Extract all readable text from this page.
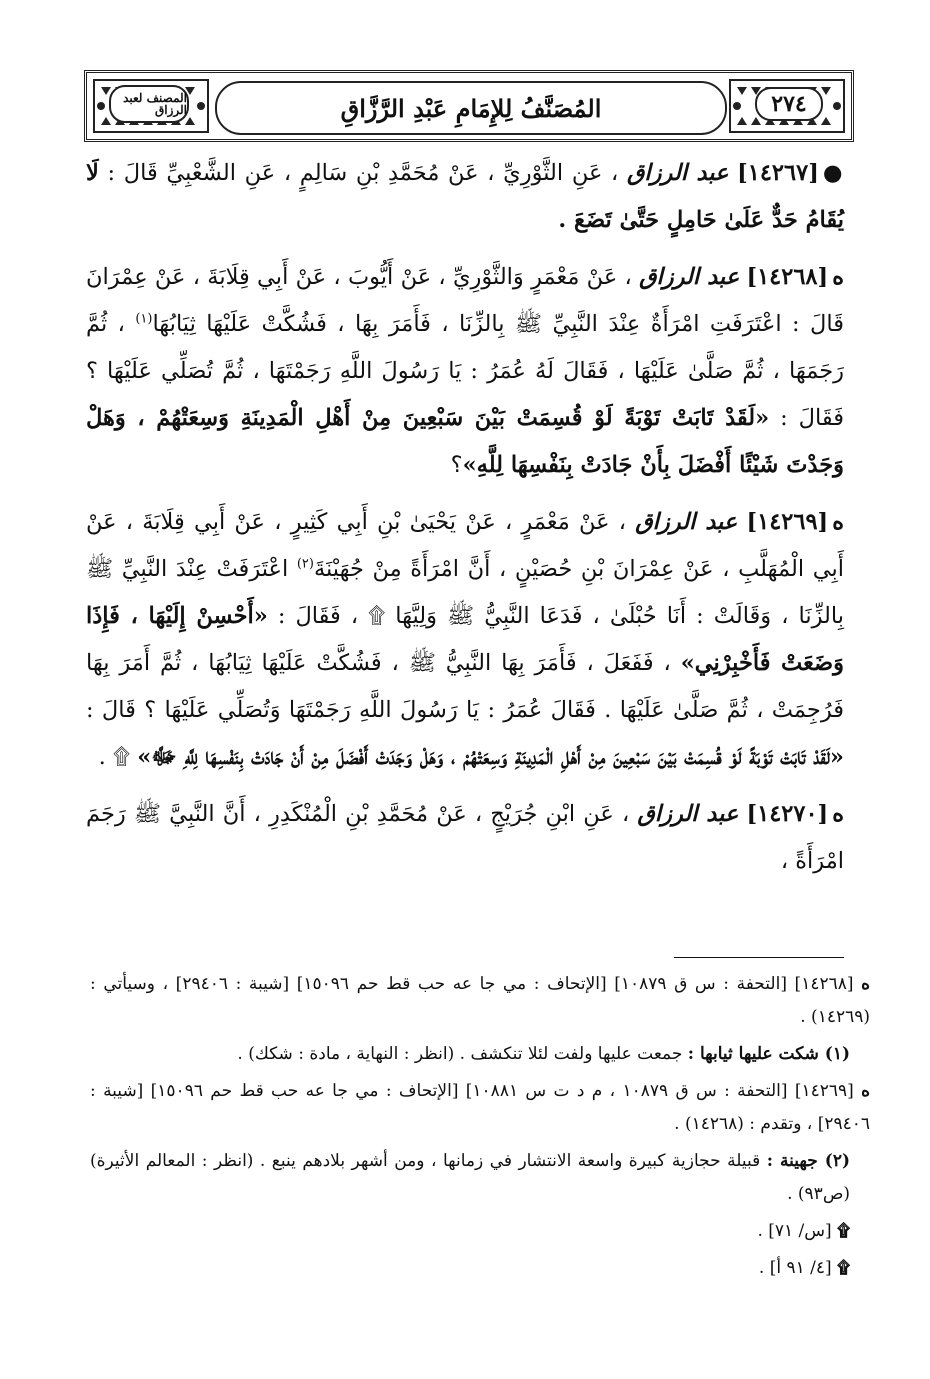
٢٧٤
المصنف لعبد الرزاق	المُصَنَّفُ لِلإِمَامِ عَبْدِ الرَّزَّاقِ

●[١٤٢٦٧] عبد الرزاق ، عَنِ الثَّوْرِيِّ ، عَنْ مُحَمَّدِ بْنِ سَالِمٍ ، عَنِ الشَّعْبِيِّ قَالَ : لَا يُقَامُ حَدٌّ عَلَىٰ حَامِلٍ حَتَّىٰ تَضَعَ .

ه[١٤٢٦٨] عبد الرزاق ، عَنْ مَعْمَرٍ وَالثَّوْرِيِّ ، عَنْ أَيُّوبَ ، عَنْ أَبِي قِلَابَةَ ، عَنْ عِمْرَانَ قَالَ : اعْتَرَفَتِ امْرَأَةٌ عِنْدَ النَّبِيِّ ﷺ بِالزِّنَا ، فَأَمَرَ بِهَا ، فَشُكَّتْ عَلَيْهَا ثِيَابُهَا$^{(١)}$ ، ثُمَّ رَجَمَهَا ، ثُمَّ صَلَّىٰ عَلَيْهَا ، فَقَالَ لَهُ عُمَرُ : يَا رَسُولَ اللَّهِ رَجَمْتَهَا ، ثُمَّ تُصَلِّي عَلَيْهَا ؟ فَقَالَ : «لَقَدْ تَابَتْ تَوْبَةً لَوْ قُسِمَتْ بَيْنَ سَبْعِينَ مِنْ أَهْلِ الْمَدِينَةِ وَسِعَتْهُمْ ، وَهَلْ وَجَدْتَ شَيْئًا أَفْضَلَ بِأَنْ جَادَتْ بِنَفْسِهَا لِلَّهِ»؟

ه[١٤٢٦٩] عبد الرزاق ، عَنْ مَعْمَرٍ ، عَنْ يَحْيَىٰ بْنِ أَبِي كَثِيرٍ ، عَنْ أَبِي قِلَابَةَ ، عَنْ أَبِي الْمُهَلَّبِ ، عَنْ عِمْرَانَ بْنِ حُصَيْنٍ ، أَنَّ امْرَأَةً مِنْ جُهَيْنَةَ$^{(٢)}$ اعْتَرَفَتْ عِنْدَ النَّبِيِّ ﷺ بِالزِّنَا ، وَقَالَتْ : أَنَا حُبْلَىٰ ، فَدَعَا النَّبِيُّ ﷺ وَلِيَّهَا ۩ ، فَقَالَ : «أَحْسِنْ إِلَيْهَا ، فَإِذَا وَضَعَتْ فَأَخْبِرْنِي» ، فَفَعَلَ ، فَأَمَرَ بِهَا النَّبِيُّ ﷺ ، فَشُكَّتْ عَلَيْهَا ثِيَابُهَا ، ثُمَّ أَمَرَ بِهَا فَرُجِمَتْ ، ثُمَّ صَلَّىٰ عَلَيْهَا . فَقَالَ عُمَرُ : يَا رَسُولَ اللَّهِ رَجَمْتَهَا وَتُصَلِّي عَلَيْهَا ؟ قَالَ : «لَقَدْ تَابَتْ تَوْبَةً لَوْ قُسِمَتْ بَيْنَ سَبْعِينَ مِنْ أَهْلِ الْمَدِينَةِ وَسِعَتْهُمْ ، وَهَلْ وَجَدَتْ أَفْضَلَ مِنْ أَنْ جَادَتْ بِنَفْسِهَا لِلَّهِ ﷻ» ۩ .

ه[١٤٢٧٠] عبد الرزاق ، عَنِ ابْنِ جُرَيْجٍ ، عَنْ مُحَمَّدِ بْنِ الْمُنْكَدِرِ ، أَنَّ النَّبِيَّ ﷺ رَجَمَ امْرَأَةً ،

ه [١٤٢٦٨] [التحفة : س ق ١٠٨٧٩] [الإتحاف : مي جا عه حب قط حم ١٥٠٩٦] [شيبة : ٢٩٤٠٦] ، وسيأتي : (١٤٢٦٩) .

(١) شكت عليها ثيابها : جمعت عليها ولفت لئلا تنكشف . (انظر : النهاية ، مادة : شكك) .

ه [١٤٢٦٩] [التحفة : س ق ١٠٨٧٩ ، م د ت س ١٠٨٨١] [الإتحاف : مي جا عه حب قط حم ١٥٠٩٦] [شيبة : ٢٩٤٠٦] ، وتقدم : (١٤٢٦٨) .

(٢) جهينة : قبيلة حجازية كبيرة واسعة الانتشار في زمانها ، ومن أشهر بلادهم ينبع . (انظر : المعالم الأثيرة) (ص٩٣) .

۩ [س/ ٧١] .

۩ [٤/ ٩١ أ] .
